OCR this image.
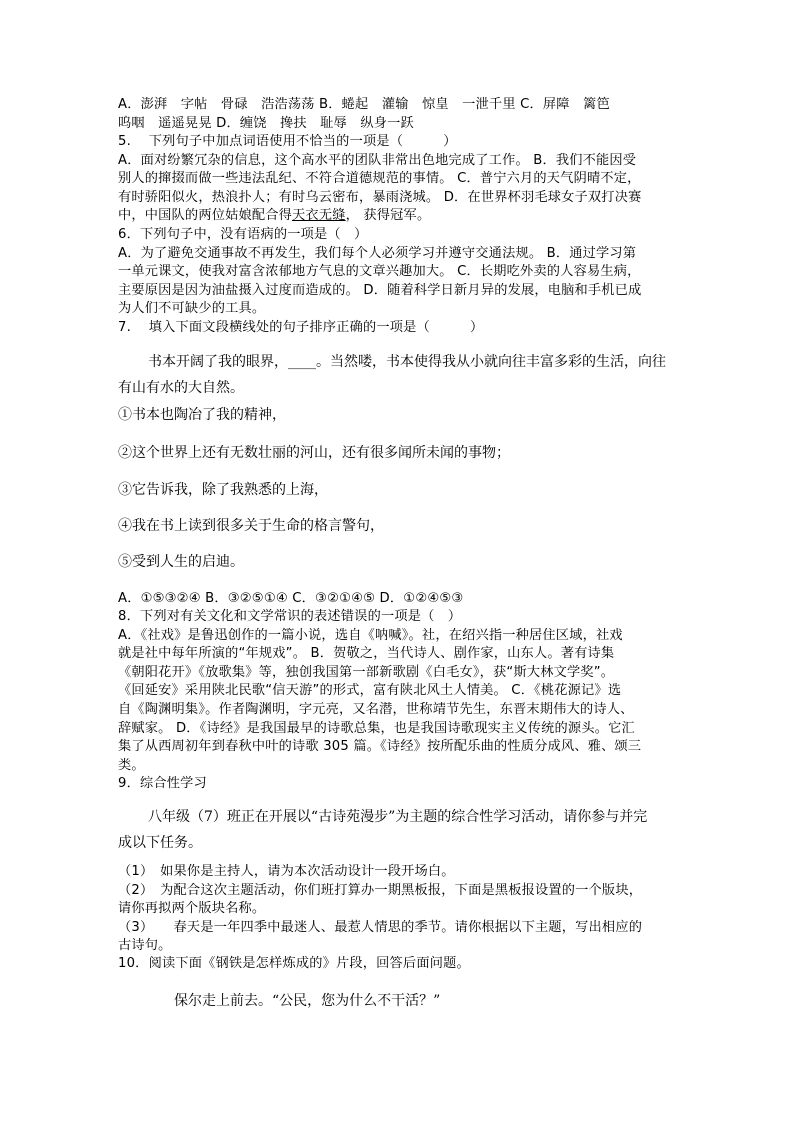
A．澎湃　字帖　骨碌　浩浩荡荡 B．蜷起　灌输　惊皇　一泄千里 C．屏障　篱笆

呜咽　遥遥晃晃 D．缠饶　搀扶　耻辱　纵身一跃

5.　 下列句子中加点词语使用不恰当的一项是（　　　）

A．面对纷繁冗杂的信息，这个高水平的团队非常出色地完成了工作。 B．我们不能因受

别人的撺掇而做一些违法乱纪、不符合道德规范的事情。 C．普宁六月的天气阴晴不定，

有时骄阳似火，热浪扑人；有时乌云密布，暴雨浇城。 D．在世界杯羽毛球女子双打决赛

中，中国队的两位姑娘配合得天衣无缝， 获得冠军。

6．下列句子中，没有语病的一项是（　）

A．为了避免交通事故不再发生，我们每个人必须学习并遵守交通法规。 B．通过学习第

一单元课文，使我对富含浓郁地方气息的文章兴趣加大。 C．长期吃外卖的人容易生病，

主要原因是因为油盐摄入过度而造成的。 D．随着科学日新月异的发展，电脑和手机已成

为人们不可缺少的工具。

7.　 填入下面文段横线处的句子排序正确的一项是（　　　）

书本开阔了我的眼界，____。当然喽，书本使得我从小就向往丰富多彩的生活，向往

有山有水的大自然。

①书本也陶冶了我的精神，

②这个世界上还有无数壮丽的河山，还有很多闻所未闻的事物；

③它告诉我，除了我熟悉的上海，

④我在书上读到很多关于生命的格言警句，

⑤受到人生的启迪。

A．①⑤③②④ B．③②⑤①④ C．③②①④⑤ D．①②④⑤③

8．下列对有关文化和文学常识的表述错误的一项是（　）

A．《社戏》是鲁迅创作的一篇小说，选自《呐喊》。社，在绍兴指一种居住区域，社戏

就是社中每年所演的“年规戏”。 B．贺敬之，当代诗人、剧作家，山东人。著有诗集

《朝阳花开》《放歌集》等，独创我国第一部新歌剧《白毛女》，获“斯大林文学奖”。

《回延安》采用陕北民歌“信天游”的形式，富有陕北风土人情美。 C．《桃花源记》选

自《陶渊明集》。作者陶渊明，字元亮，又名潜，世称靖节先生，东晋末期伟大的诗人、

辞赋家。 D．《诗经》是我国最早的诗歌总集，也是我国诗歌现实主义传统的源头。它汇

集了从西周初年到春秋中叶的诗歌 305 篇。《诗经》按所配乐曲的性质分成风、雅、颂三

类。

9．综合性学习

八年级（7）班正在开展以“古诗苑漫步”为主题的综合性学习活动，请你参与并完

成以下任务。

（1）　如果你是主持人，请为本次活动设计一段开场白。

（2）　为配合这次主题活动，你们班打算办一期黑板报，下面是黑板报设置的一个版块，

请你再拟两个版块名称。

（3）　　春天是一年四季中最迷人、最惹人情思的季节。请你根据以下主题，写出相应的

古诗句。

10．阅读下面《钢铁是怎样炼成的》片段，回答后面问题。

保尔走上前去。“公民，您为什么不干活？”
